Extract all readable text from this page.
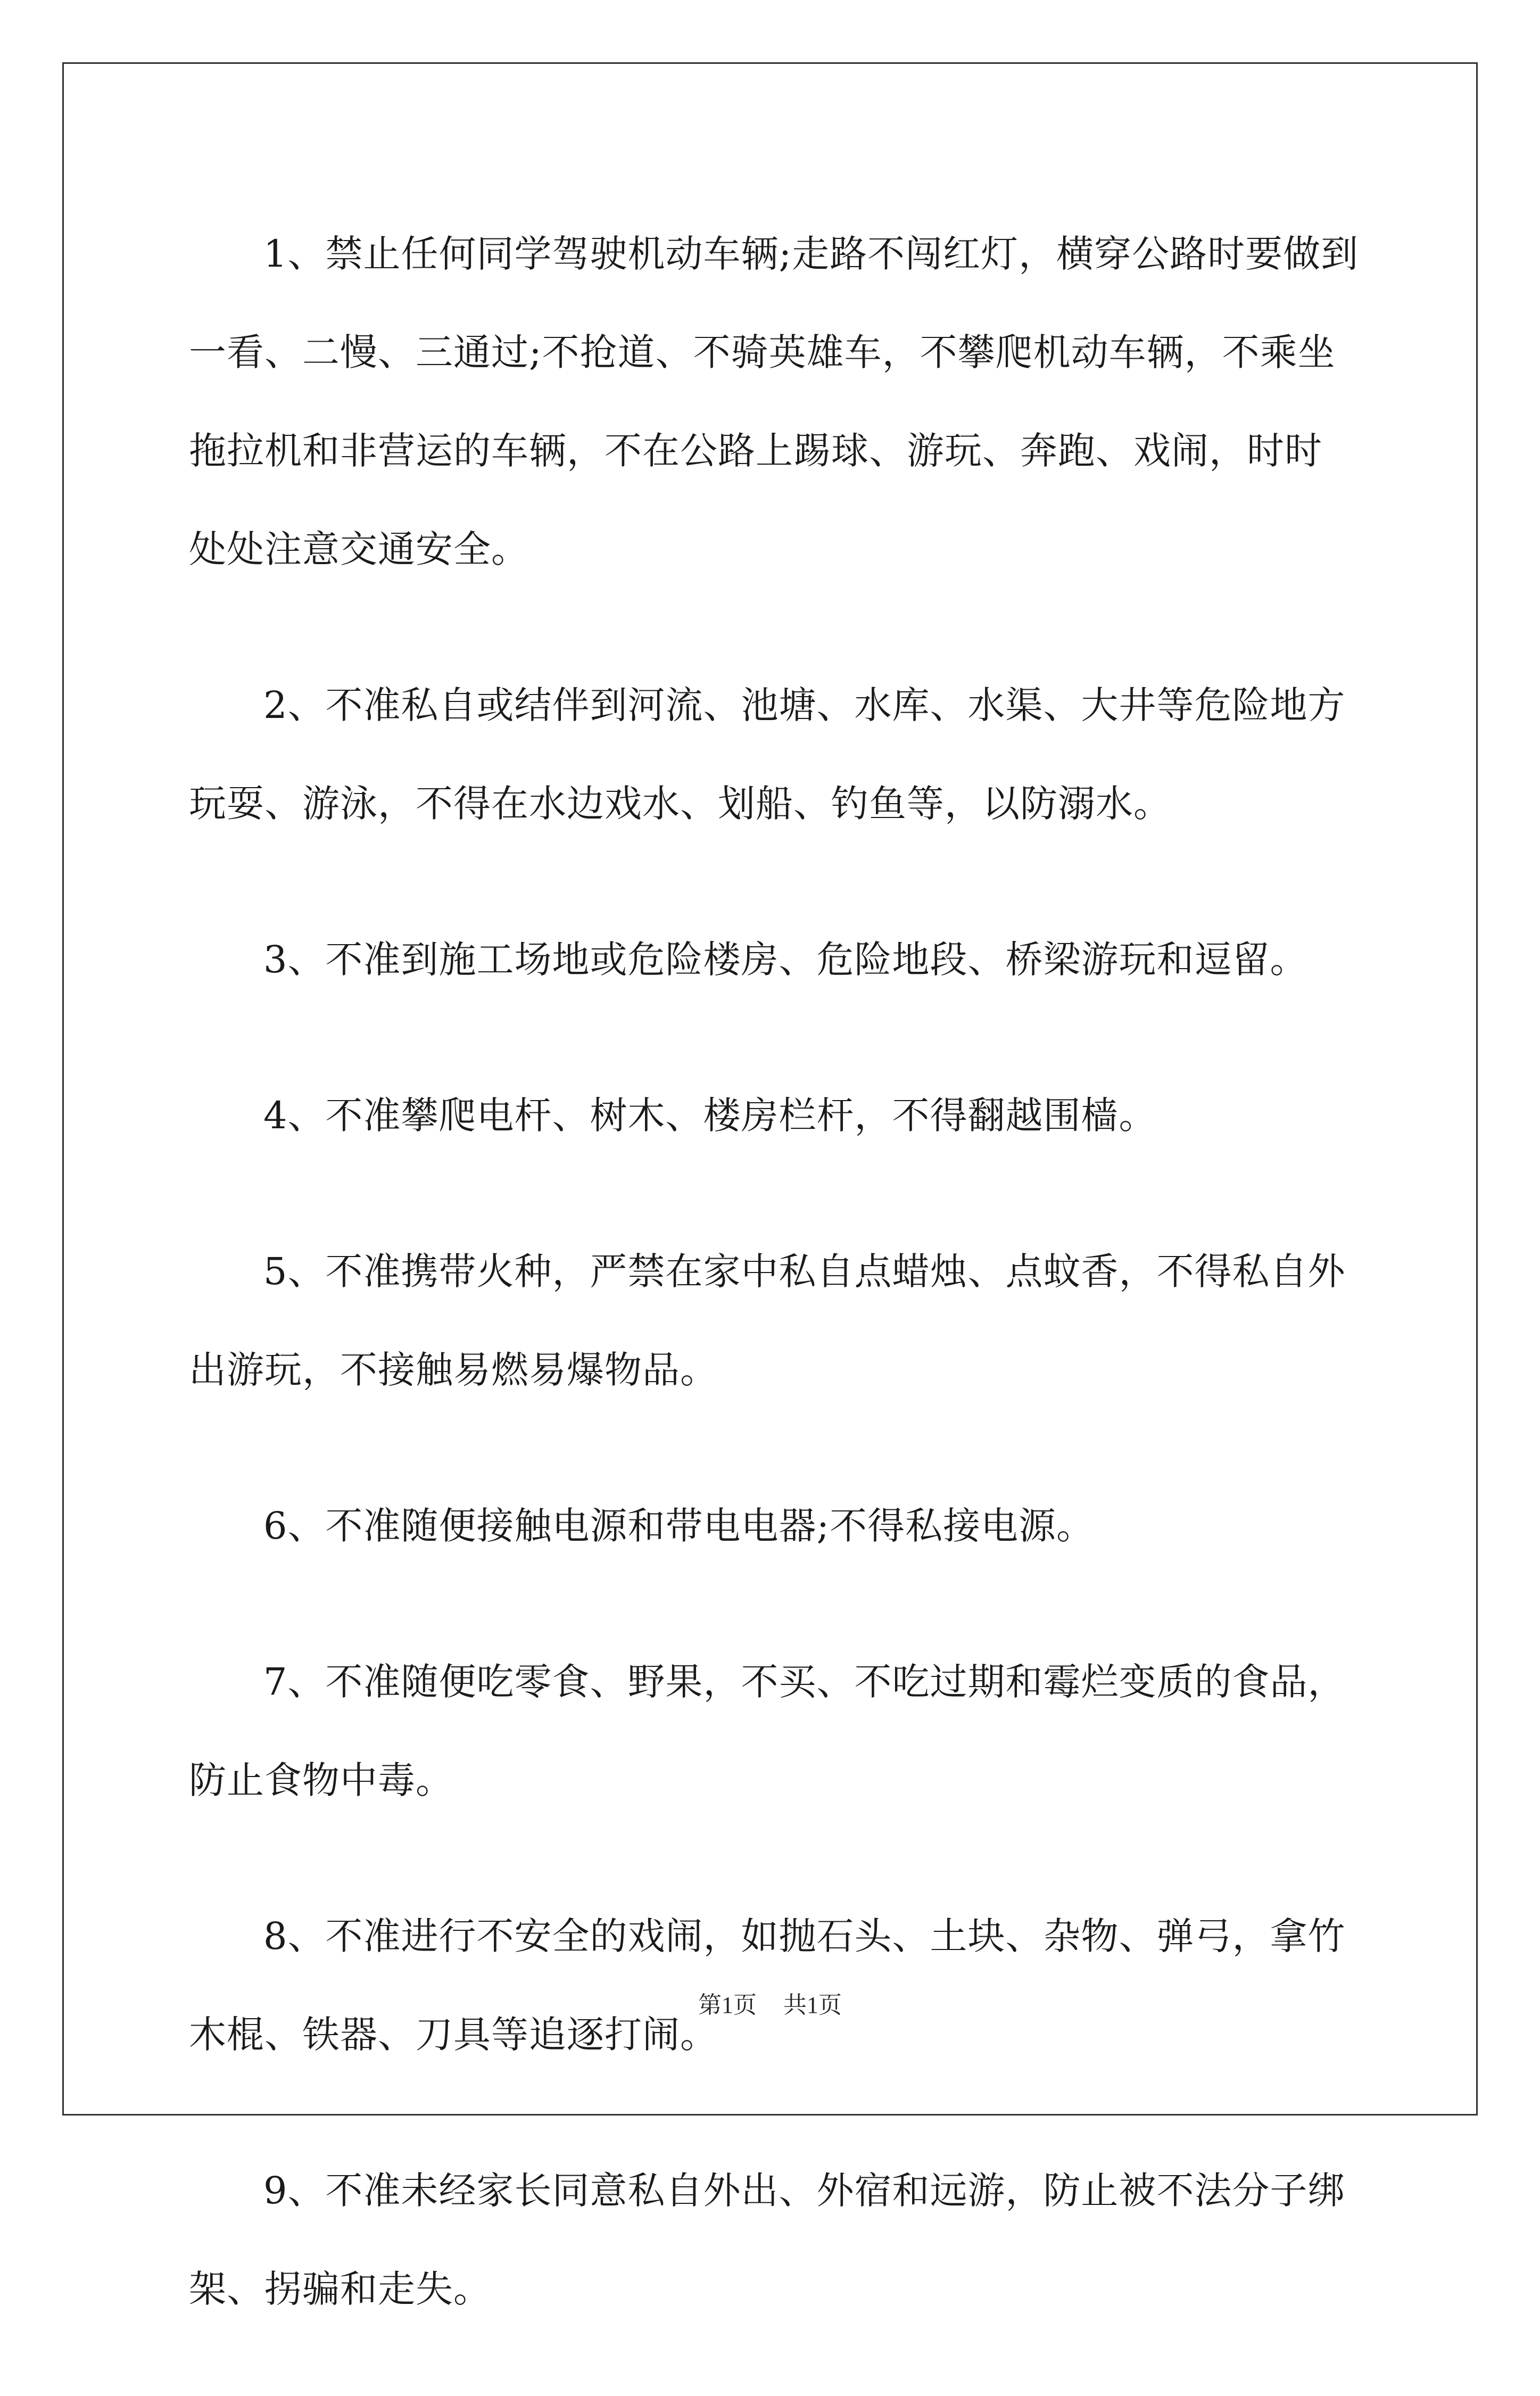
1、禁止任何同学驾驶机动车辆;走路不闯红灯，横穿公路时要做到一看、二慢、三通过;不抢道、不骑英雄车，不攀爬机动车辆，不乘坐拖拉机和非营运的车辆，不在公路上踢球、游玩、奔跑、戏闹，时时处处注意交通安全。

2、不准私自或结伴到河流、池塘、水库、水渠、大井等危险地方玩耍、游泳，不得在水边戏水、划船、钓鱼等，以防溺水。

3、不准到施工场地或危险楼房、危险地段、桥梁游玩和逗留。

4、不准攀爬电杆、树木、楼房栏杆，不得翻越围樯。

5、不准携带火种，严禁在家中私自点蜡烛、点蚊香，不得私自外出游玩，不接触易燃易爆物品。

6、不准随便接触电源和带电电器;不得私接电源。

7、不准随便吃零食、野果，不买、不吃过期和霉烂变质的食品，防止食物中毒。

8、不准进行不安全的戏闹，如抛石头、土块、杂物、弹弓，拿竹木棍、铁器、刀具等追逐打闹。

9、不准未经家长同意私自外出、外宿和远游，防止被不法分子绑架、拐骗和走失。

第1页 共1页
